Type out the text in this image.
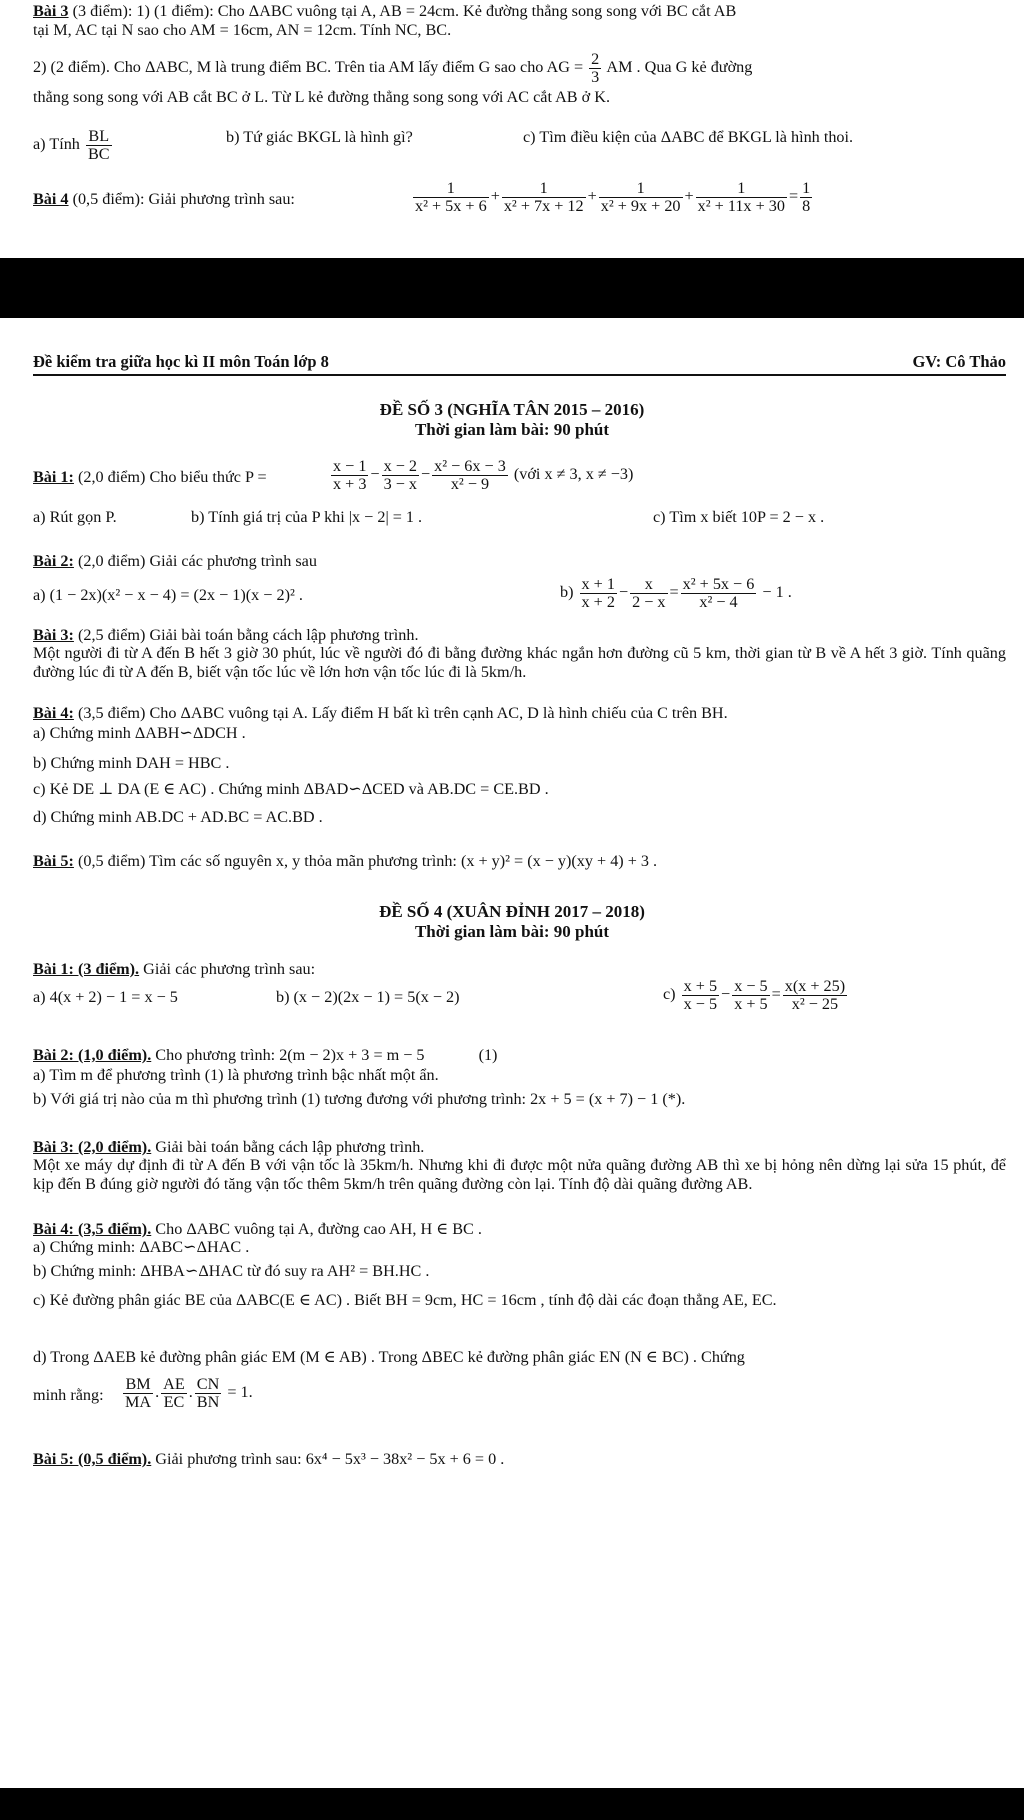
Bài 3 (3 điểm): 1) (1 điểm): Cho ΔABC vuông tại A, AB = 24cm. Kẻ đường thẳng song song với BC cắt AB
tại M, AC tại N sao cho AM = 16cm, AN = 12cm. Tính NC, BC.
2) (2 điểm). Cho ΔABC, M là trung điểm BC. Trên tia AM lấy điểm G sao cho AG = $\frac{2}{3}$ AM . Qua G kẻ đường
thẳng song song với AB cắt BC ở L. Từ L kẻ đường thẳng song song với AC cắt AB ở K.
a) Tính $\frac{BL}{BC}$	b) Tứ giác BKGL là hình gì?	c) Tìm điều kiện của ΔABC để BKGL là hình thoi.
Bài 4 (0,5 điểm): Giải phương trình sau:	$\frac{1}{\text{x² + 5x + 6}} + \frac{1}{\text{x² + 7x + 12}} + \frac{1}{\text{x² + 9x + 20}} + \frac{1}{\text{x² + 11x + 30}} = \frac{1}{8}$
Đề kiểm tra giữa học kì II môn Toán lớp 8	GV: Cô Thảo
ĐỀ SỐ 3 (NGHĨA TÂN 2015 – 2016)
Thời gian làm bài: 90 phút
Bài 1: (2,0 điểm) Cho biểu thức P =	$\frac{x - 1}{x + 3} - \frac{x - 2}{3 - x} - \frac{\text{x² − 6x − 3}}{\text{x² − 9}}$ (với x ≠ 3, x ≠ −3)
a) Rút gọn P.	b) Tính giá trị của P khi |x − 2| = 1 .	c) Tìm x biết 10P = 2 − x .
Bài 2: (2,0 điểm) Giải các phương trình sau
a) (1 − 2x)(x² − x − 4) = (2x − 1)(x − 2)² .	$b) \frac{x + 1}{x + 2} - \frac{x}{2 - x} = \frac{\text{x² + 5x − 6}}{\text{x² − 4}} - 1$ .
Bài 3: (2,5 điểm) Giải bài toán bằng cách lập phương trình.
Một người đi từ A đến B hết 3 giờ 30 phút, lúc về người đó đi bằng đường khác ngắn hơn đường cũ 5 km, thời gian từ B về A hết 3 giờ. Tính quãng đường lúc đi từ A đến B, biết vận tốc lúc về lớn hơn vận tốc lúc đi là 5km/h.
Bài 4: (3,5 điểm) Cho ΔABC vuông tại A. Lấy điểm H bất kì trên cạnh AC, D là hình chiếu của C trên BH.
a) Chứng minh ΔABH∽ΔDCH .
b) Chứng minh DAH = HBC .
c) Kẻ DE ⊥ DA (E ∈ AC) . Chứng minh ΔBAD∽ΔCED và AB.DC = CE.BD .
d) Chứng minh AB.DC + AD.BC = AC.BD .
Bài 5: (0,5 điểm) Tìm các số nguyên x, y thỏa mãn phương trình: (x + y)² = (x − y)(xy + 4) + 3 .
ĐỀ SỐ 4 (XUÂN ĐỈNH 2017 – 2018)
Thời gian làm bài: 90 phút
Bài 1: (3 điểm). Giải các phương trình sau:
a) 4(x + 2) − 1 = x − 5	b) (x − 2)(2x − 1) = 5(x − 2)	$c) \frac{x + 5}{x - 5} - \frac{x - 5}{x + 5} = \frac{x(x + 25)}{\text{x² − 25}}$
Bài 2: (1,0 điểm). Cho phương trình: 2(m − 2)x + 3 = m − 5	(1)
a) Tìm m để phương trình (1) là phương trình bậc nhất một ẩn.
b) Với giá trị nào của m thì phương trình (1) tương đương với phương trình: 2x + 5 = (x + 7) − 1 (*).
Bài 3: (2,0 điểm). Giải bài toán bằng cách lập phương trình.
Một xe máy dự định đi từ A đến B với vận tốc là 35km/h. Nhưng khi đi được một nửa quãng đường AB thì xe bị hỏng nên dừng lại sửa 15 phút, để kịp đến B đúng giờ người đó tăng vận tốc thêm 5km/h trên quãng đường còn lại. Tính độ dài quãng đường AB.
Bài 4: (3,5 điểm). Cho ΔABC vuông tại A, đường cao AH, H ∈ BC .
a) Chứng minh: ΔABC∽ΔHAC .
b) Chứng minh: ΔHBA∽ΔHAC từ đó suy ra AH² = BH.HC .
c) Kẻ đường phân giác BE của ΔABC(E ∈ AC) . Biết BH = 9cm, HC = 16cm , tính độ dài các đoạn thẳng AE, EC.
d) Trong ΔAEB kẻ đường phân giác EM (M ∈ AB) . Trong ΔBEC kẻ đường phân giác EN (N ∈ BC) . Chứng
minh rằng: $\frac{BM}{MA}$ . $\frac{AE}{EC}$ . $\frac{CN}{BN} = 1$.
Bài 5: (0,5 điểm). Giải phương trình sau: 6x⁴ − 5x³ − 38x² − 5x + 6 = 0 .
